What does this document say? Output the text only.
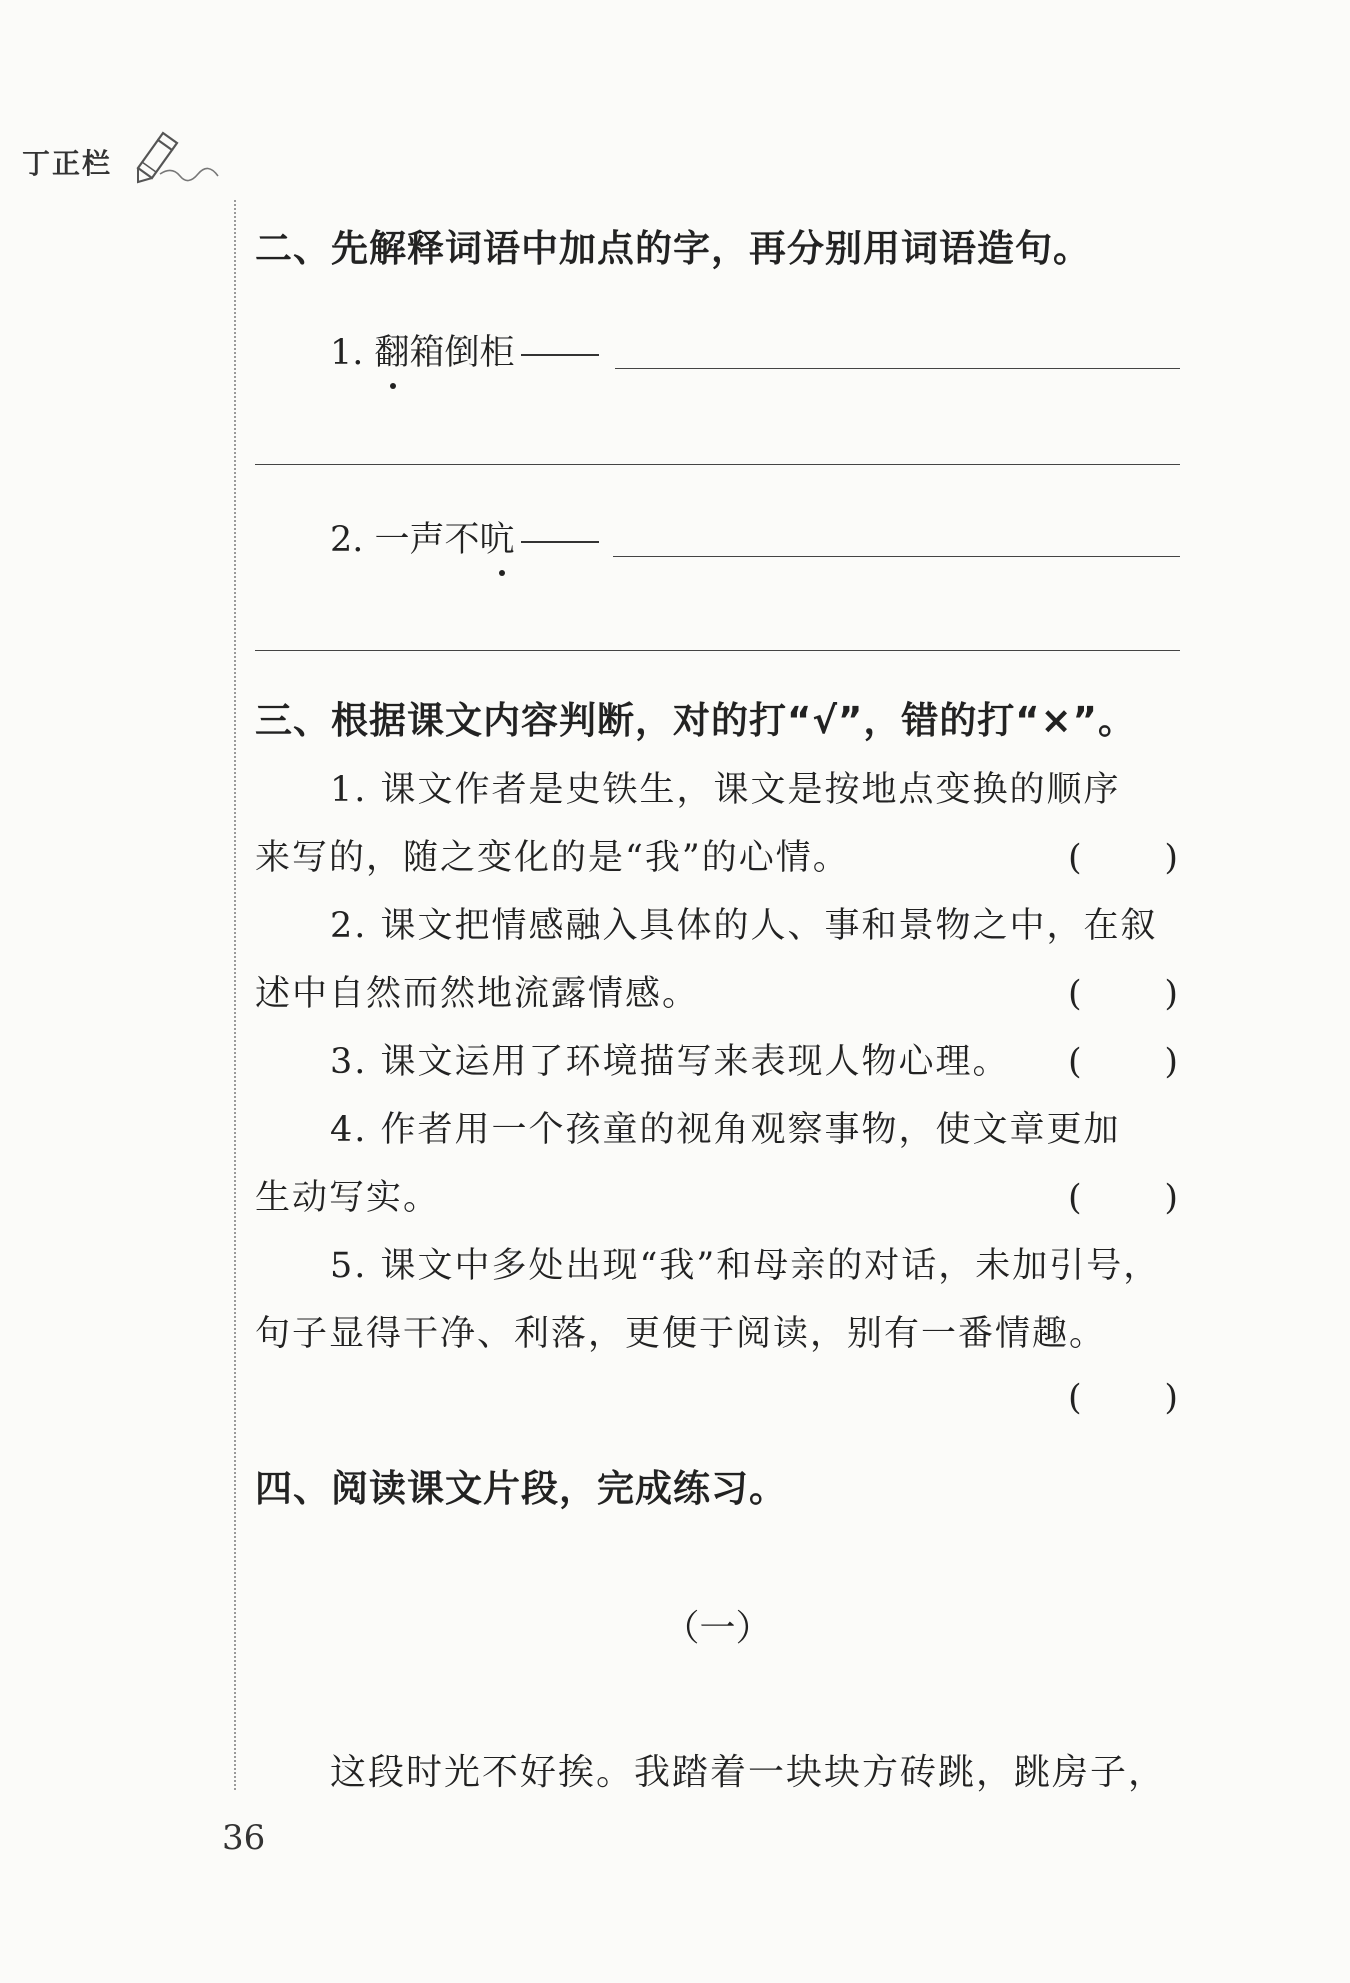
丁正栏
二、先解释词语中加点的字，再分别用词语造句。
1. 翻箱倒柜
2. 一声不吭
三、根据课文内容判断，对的打“√”，错的打“×”。
1. 课文作者是史铁生，课文是按地点变换的顺序
来写的，随之变化的是“我”的心情。	( )
2. 课文把情感融入具体的人、事和景物之中，在叙
述中自然而然地流露情感。	( )
3. 课文运用了环境描写来表现人物心理。 ( )
4. 作者用一个孩童的视角观察事物，使文章更加
生动写实。	( )
5. 课文中多处出现“我”和母亲的对话，未加引号，
句子显得干净、利落，更便于阅读，别有一番情趣。
( )
四、阅读课文片段，完成练习。
（一）
这段时光不好挨。我踏着一块块方砖跳，跳房子，
36
